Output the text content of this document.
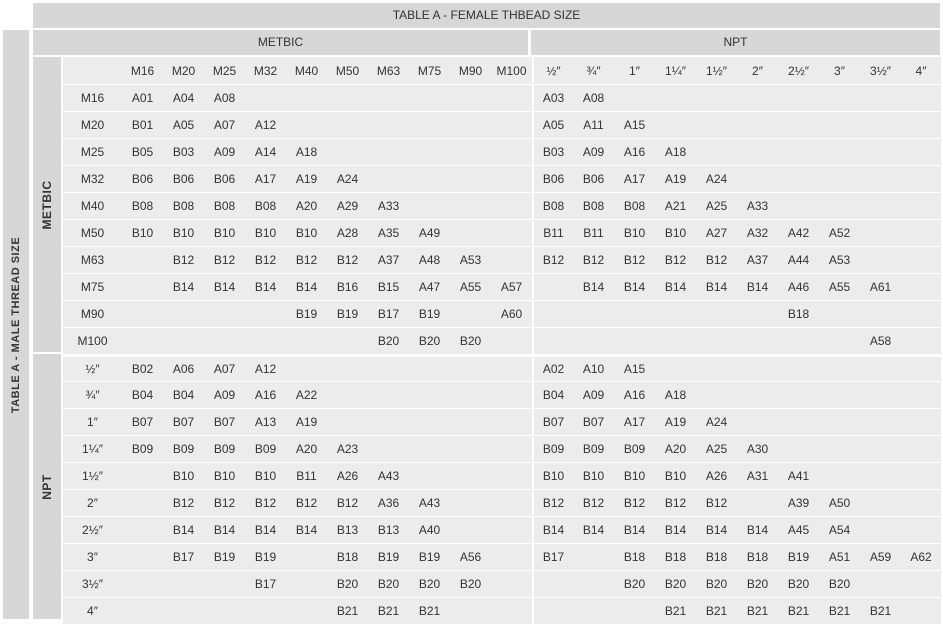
TABLE A - FEMALE THBEAD SIZE
TABLE A - MALE THREAD SIZE
METBIC	NPT
METBIC
NPT
	M16	M20	M25	M32	M40	M50	M63	M75	M90	M100	½″	¾″	1″	1¼″	1½″	2″	2½″	3″	3½″	4″
M16	A01	A04	A08								A03	A08								
M20	B01	A05	A07	A12							A05	A11	A15							
M25	B05	B03	A09	A14	A18						B03	A09	A16	A18						
M32	B06	B06	B06	A17	A19	A24					B06	B06	A17	A19	A24					
M40	B08	B08	B08	B08	A20	A29	A33				B08	B08	B08	A21	A25	A33				
M50	B10	B10	B10	B10	B10	A28	A35	A49			B11	B11	B10	B10	A27	A32	A42	A52		
M63		B12	B12	B12	B12	B12	A37	A48	A53		B12	B12	B12	B12	B12	A37	A44	A53		
M75		B14	B14	B14	B14	B16	B15	A47	A55	A57		B14	B14	B14	B14	B14	A46	A55	A61	
M90					B19	B19	B17	B19		A60							B18			
M100							B20	B20	B20										A58	
½″	B02	A06	A07	A12							A02	A10	A15							
¾″	B04	B04	A09	A16	A22						B04	A09	A16	A18						
1″	B07	B07	B07	A13	A19						B07	B07	A17	A19	A24					
1¼″	B09	B09	B09	B09	A20	A23					B09	B09	B09	A20	A25	A30				
1½″		B10	B10	B10	B11	A26	A43				B10	B10	B10	B10	A26	A31	A41			
2″		B12	B12	B12	B12	B12	A36	A43			B12	B12	B12	B12	B12		A39	A50		
2½″		B14	B14	B14	B14	B13	B13	A40			B14	B14	B14	B14	B14	B14	A45	A54		
3″		B17	B19	B19		B18	B19	B19	A56		B17		B18	B18	B18	B18	B19	A51	A59	A62
3½″				B17		B20	B20	B20	B20				B20	B20	B20	B20	B20	B20		
4″						B21	B21	B21						B21	B21	B21	B21	B21	B21	
